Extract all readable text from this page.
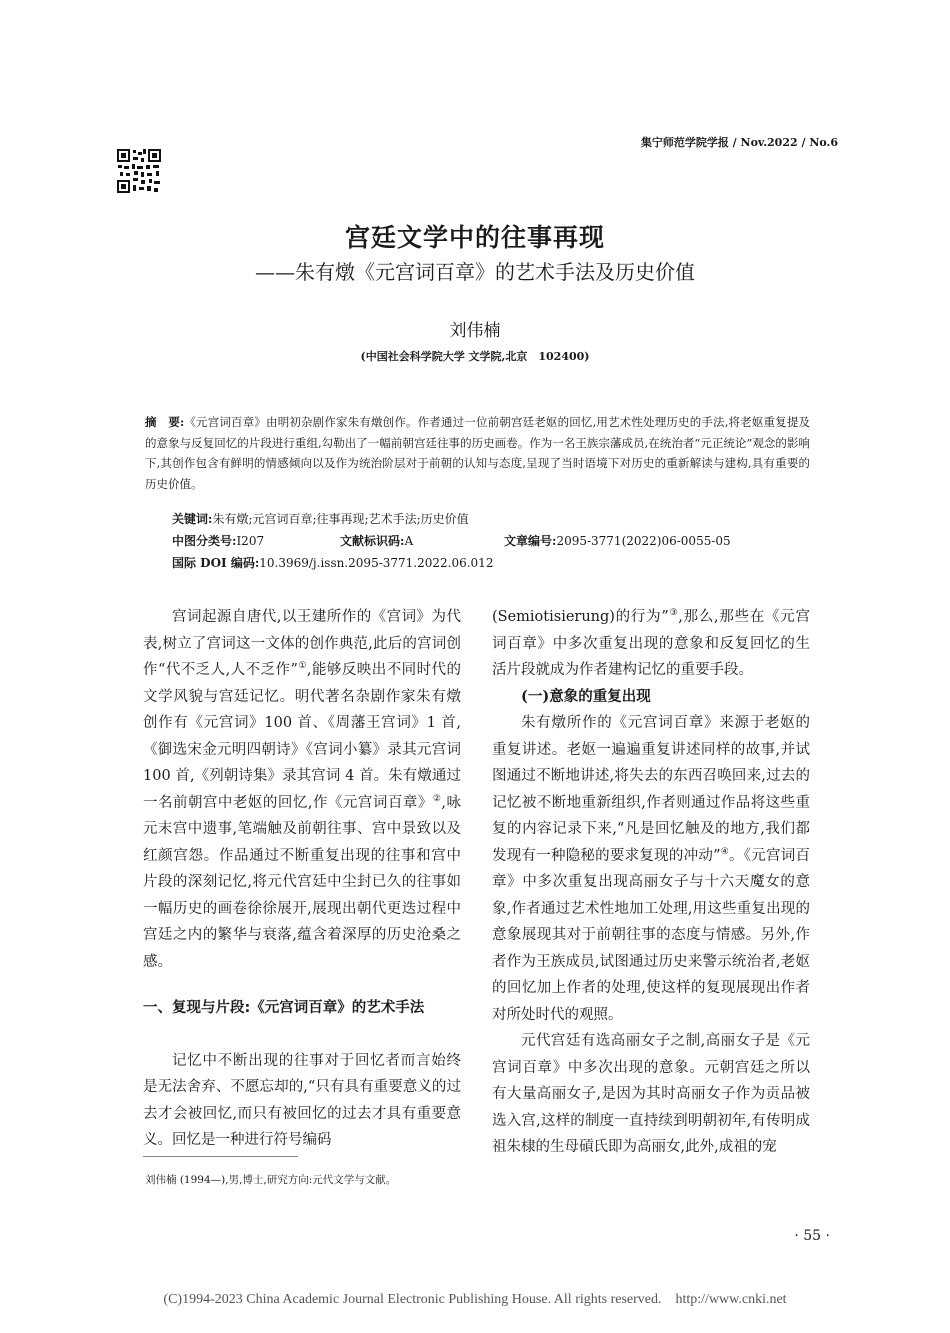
集宁师范学院学报 / Nov.2022 / No.6
宫廷文学中的往事再现
——朱有燉《元宫词百章》的艺术手法及历史价值
刘伟楠
(中国社会科学院大学 文学院,北京　102400)
摘　要:《元宫词百章》由明初杂剧作家朱有燉创作。作者通过一位前朝宫廷老妪的回忆,用艺术性处理历史的手法,将老妪重复提及的意象与反复回忆的片段进行重组,勾勒出了一幅前朝宫廷往事的历史画卷。作为一名王族宗藩成员,在统治者“元正统论”观念的影响下,其创作包含有鲜明的情感倾向以及作为统治阶层对于前朝的认知与态度,呈现了当时语境下对历史的重新解读与建构,具有重要的历史价值。
关键词:朱有燉;元宫词百章;往事再现;艺术手法;历史价值
中图分类号:I207	文献标识码:A	文章编号:2095-3771(2022)06-0055-05
国际 DOI 编码:10.3969/j.issn.2095-3771.2022.06.012

宫词起源自唐代,以王建所作的《宫词》为代表,树立了宫词这一文体的创作典范,此后的宫词创作“代不乏人,人不乏作”①,能够反映出不同时代的文学风貌与宫廷记忆。明代著名杂剧作家朱有燉创作有《元宫词》100 首、《周藩王宫词》1 首,《御选宋金元明四朝诗》《宫词小纂》录其元宫词 100 首,《列朝诗集》录其宫词 4 首。朱有燉通过一名前朝宫中老妪的回忆,作《元宫词百章》②,咏元末宫中遗事,笔端触及前朝往事、宫中景致以及红颜宫怨。作品通过不断重复出现的往事和宫中片段的深刻记忆,将元代宫廷中尘封已久的往事如一幅历史的画卷徐徐展开,展现出朝代更迭过程中宫廷之内的繁华与衰落,蕴含着深厚的历史沧桑之感。

一、复现与片段:《元宫词百章》的艺术手法

记忆中不断出现的往事对于回忆者而言始终是无法舍弃、不愿忘却的,“只有具有重要意义的过去才会被回忆,而只有被回忆的过去才具有重要意义。回忆是一种进行符号编码

(Semiotisierung)的行为”③,那么,那些在《元宫词百章》中多次重复出现的意象和反复回忆的生活片段就成为作者建构记忆的重要手段。

(一)意象的重复出现

朱有燉所作的《元宫词百章》来源于老妪的重复讲述。老妪一遍遍重复讲述同样的故事,并试图通过不断地讲述,将失去的东西召唤回来,过去的记忆被不断地重新组织,作者则通过作品将这些重复的内容记录下来,“凡是回忆触及的地方,我们都发现有一种隐秘的要求复现的冲动”④。《元宫词百章》中多次重复出现高丽女子与十六天魔女的意象,作者通过艺术性地加工处理,用这些重复出现的意象展现其对于前朝往事的态度与情感。另外,作者作为王族成员,试图通过历史来警示统治者,老妪的回忆加上作者的处理,使这样的复现展现出作者对所处时代的观照。

元代宫廷有选高丽女子之制,高丽女子是《元宫词百章》中多次出现的意象。元朝宫廷之所以有大量高丽女子,是因为其时高丽女子作为贡品被选入宫,这样的制度一直持续到明朝初年,有传明成祖朱棣的生母碽氏即为高丽女,此外,成祖的宠

刘伟楠 (1994—),男,博士,研究方向:元代文学与文献。
· 55 ·
(C)1994-2023 China Academic Journal Electronic Publishing House. All rights reserved.　http://www.cnki.net
